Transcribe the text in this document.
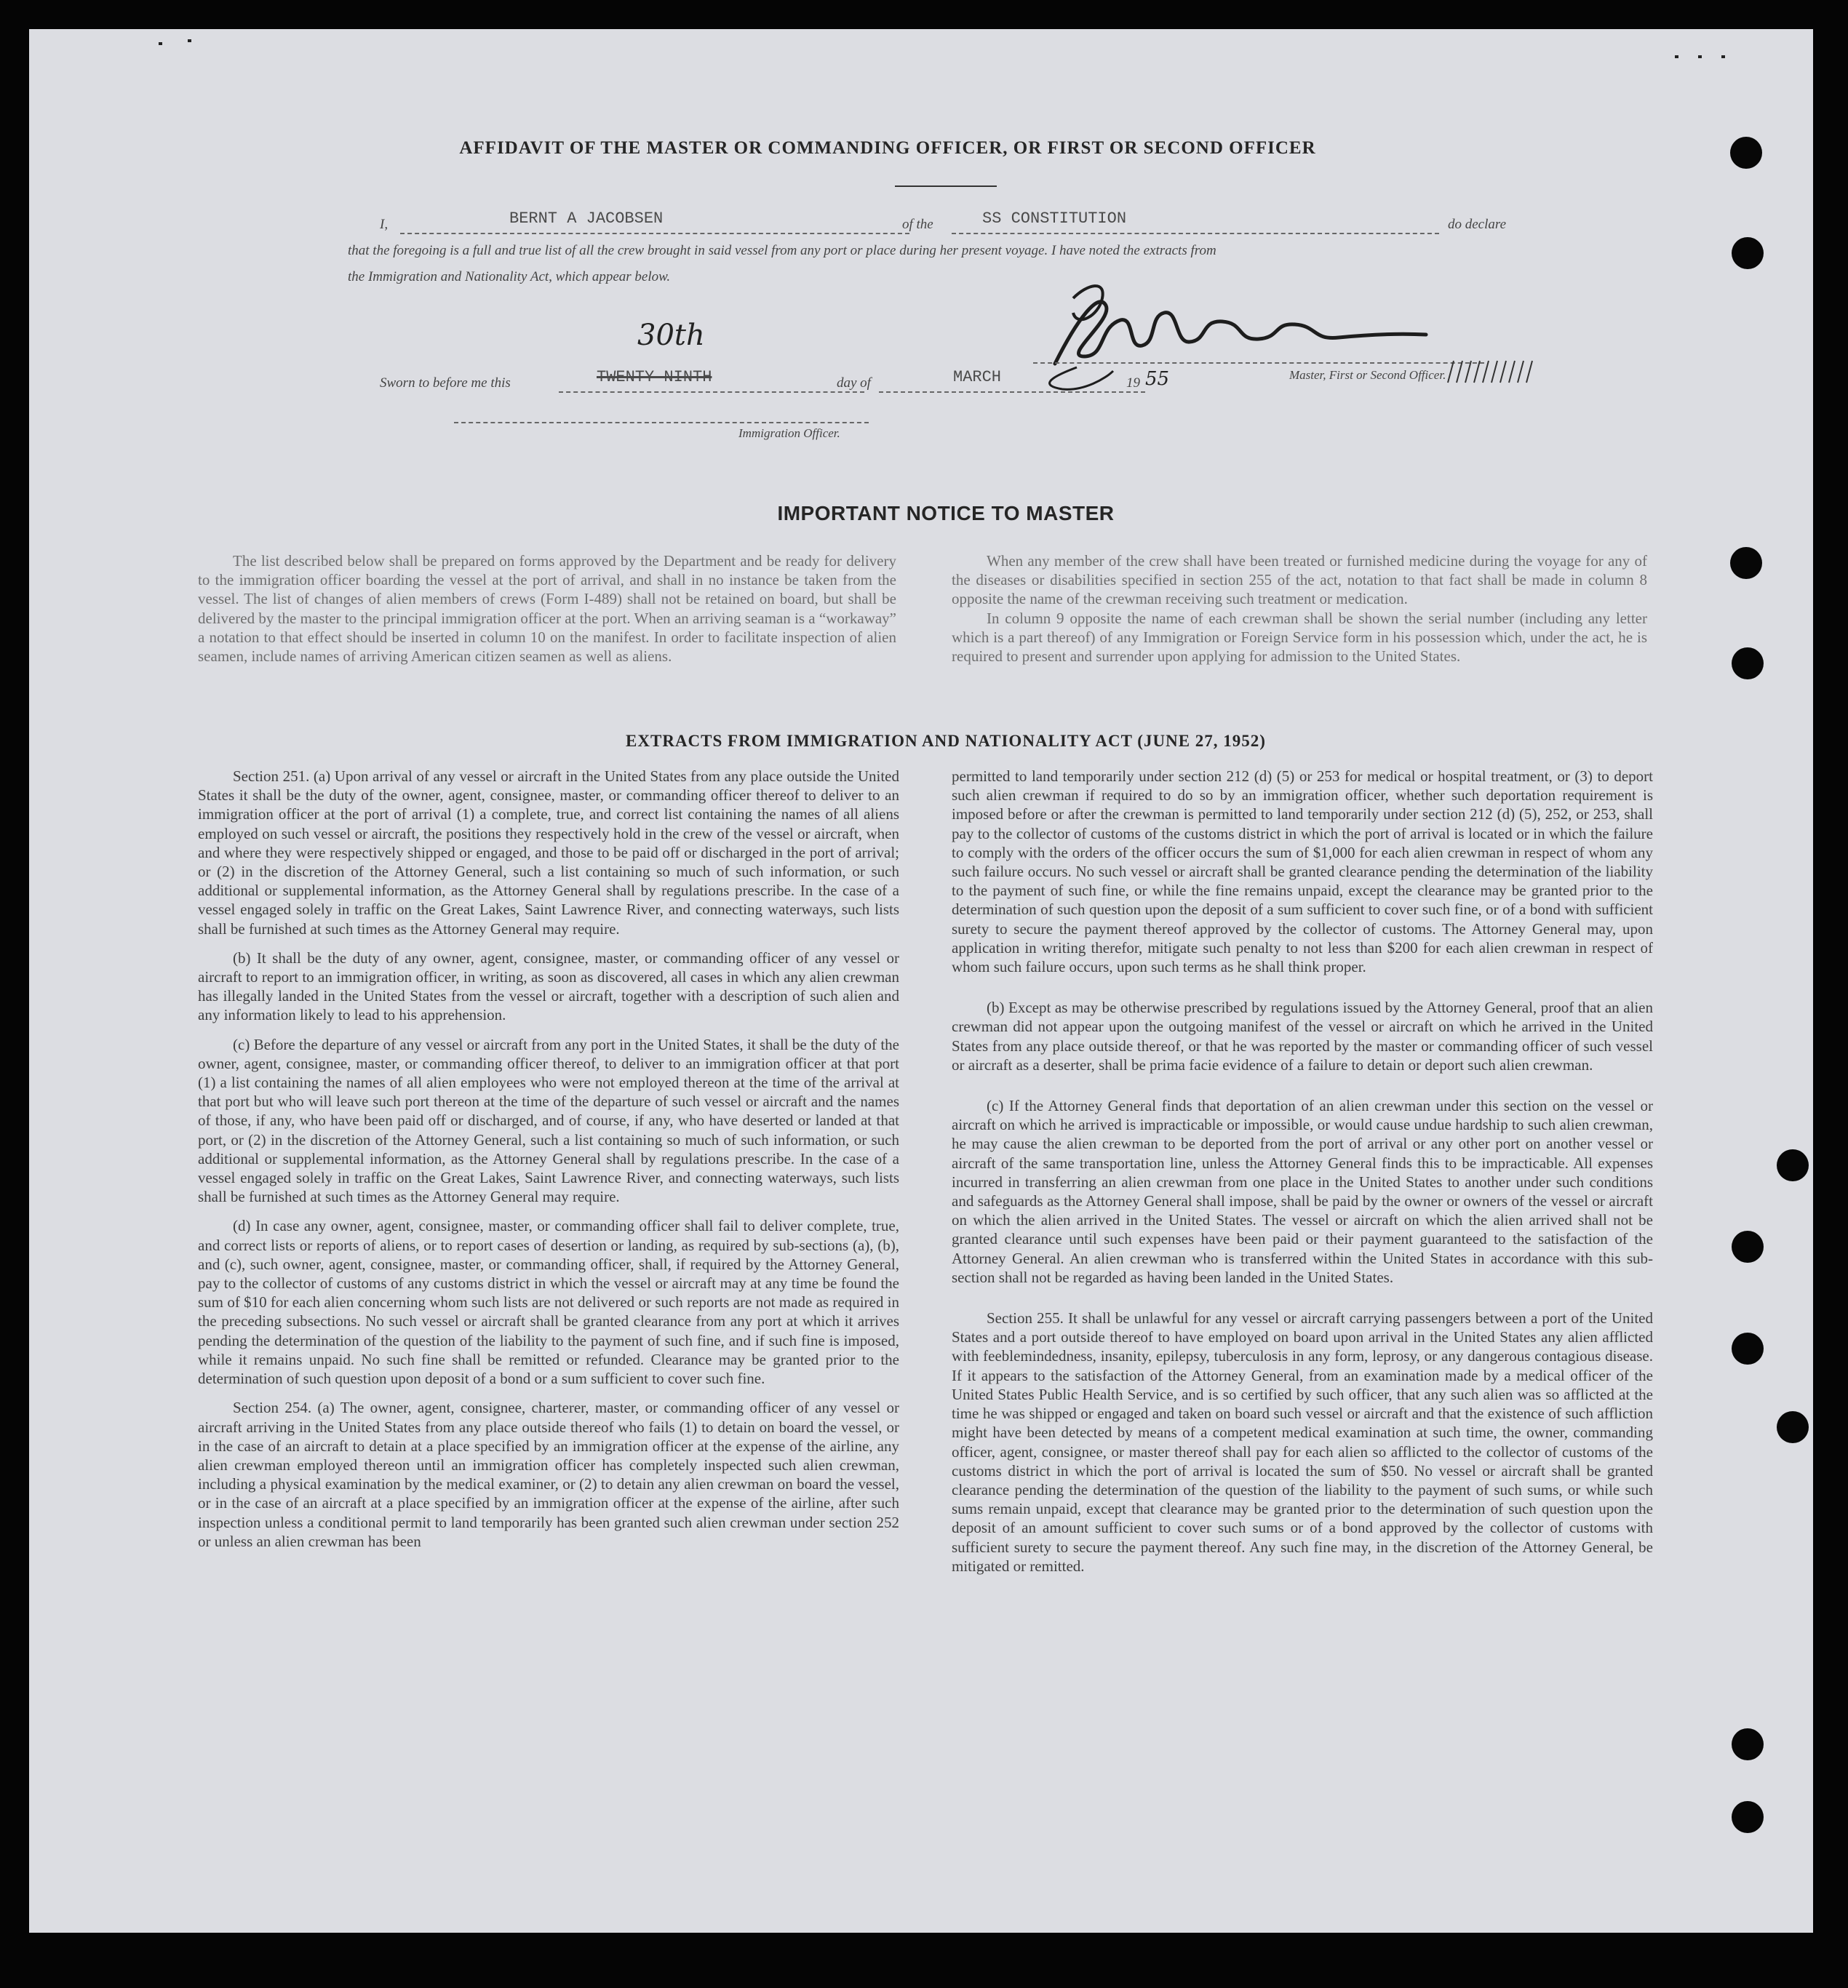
AFFIDAVIT OF THE MASTER OR COMMANDING OFFICER, OR FIRST OR SECOND OFFICER
I,	BERNT A JACOBSEN	of the	SS CONSTITUTION	do declare
that the foregoing is a full and true list of all the crew brought in said vessel from any port or place during her present voyage. I have noted the extracts from
the Immigration and Nationality Act, which appear below.
Master, First or Second Officer.
Sworn to before me this	TWENTY NINTH
30th
day of	MARCH	19 55
Immigration Officer.
IMPORTANT NOTICE TO MASTER

The list described below shall be prepared on forms approved by the Department and be ready for delivery to the immigration officer boarding the vessel at the port of arrival, and shall in no instance be taken from the vessel. The list of changes of alien members of crews (Form I-489) shall not be retained on board, but shall be delivered by the master to the principal immigration officer at the port. When an arriving seaman is a “workaway” a notation to that effect should be inserted in column 10 on the manifest. In order to facilitate inspection of alien seamen, include names of arriving American citizen seamen as well as aliens.

When any member of the crew shall have been treated or furnished medicine during the voyage for any of the diseases or disabilities specified in section 255 of the act, notation to that fact shall be made in column 8 opposite the name of the crewman receiving such treatment or medication.

In column 9 opposite the name of each crewman shall be shown the serial number (including any letter which is a part thereof) of any Immigration or Foreign Service form in his possession which, under the act, he is required to present and surrender upon applying for admission to the United States.

EXTRACTS FROM IMMIGRATION AND NATIONALITY ACT (JUNE 27, 1952)

Section 251. (a) Upon arrival of any vessel or aircraft in the United States from any place outside the United States it shall be the duty of the owner, agent, consignee, master, or commanding officer thereof to deliver to an immigration officer at the port of arrival (1) a complete, true, and correct list containing the names of all aliens employed on such vessel or aircraft, the positions they respectively hold in the crew of the vessel or aircraft, when and where they were respectively shipped or engaged, and those to be paid off or discharged in the port of arrival; or (2) in the discretion of the Attorney General, such a list containing so much of such information, or such additional or supplemental information, as the Attorney General shall by regulations prescribe. In the case of a vessel engaged solely in traffic on the Great Lakes, Saint Lawrence River, and connecting waterways, such lists shall be furnished at such times as the Attorney General may require.

(b) It shall be the duty of any owner, agent, consignee, master, or commanding officer of any vessel or aircraft to report to an immigration officer, in writing, as soon as discovered, all cases in which any alien crewman has illegally landed in the United States from the vessel or aircraft, together with a description of such alien and any information likely to lead to his apprehension.

(c) Before the departure of any vessel or aircraft from any port in the United States, it shall be the duty of the owner, agent, consignee, master, or commanding officer thereof, to deliver to an immigration officer at that port (1) a list containing the names of all alien employees who were not employed thereon at the time of the arrival at that port but who will leave such port thereon at the time of the departure of such vessel or aircraft and the names of those, if any, who have been paid off or discharged, and of course, if any, who have deserted or landed at that port, or (2) in the discretion of the Attorney General, such a list containing so much of such information, or such additional or supplemental information, as the Attorney General shall by regulations prescribe. In the case of a vessel engaged solely in traffic on the Great Lakes, Saint Lawrence River, and connecting waterways, such lists shall be furnished at such times as the Attorney General may require.

(d) In case any owner, agent, consignee, master, or commanding officer shall fail to deliver complete, true, and correct lists or reports of aliens, or to report cases of desertion or landing, as required by sub-sections (a), (b), and (c), such owner, agent, consignee, master, or commanding officer, shall, if required by the Attorney General, pay to the collector of customs of any customs district in which the vessel or aircraft may at any time be found the sum of $10 for each alien concerning whom such lists are not delivered or such reports are not made as required in the preceding subsections. No such vessel or aircraft shall be granted clearance from any port at which it arrives pending the determination of the question of the liability to the payment of such fine, and if such fine is imposed, while it remains unpaid. No such fine shall be remitted or refunded. Clearance may be granted prior to the determination of such question upon deposit of a bond or a sum sufficient to cover such fine.

Section 254. (a) The owner, agent, consignee, charterer, master, or commanding officer of any vessel or aircraft arriving in the United States from any place outside thereof who fails (1) to detain on board the vessel, or in the case of an aircraft to detain at a place specified by an immigration officer at the expense of the airline, any alien crewman employed thereon until an immigration officer has completely inspected such alien crewman, including a physical examination by the medical examiner, or (2) to detain any alien crewman on board the vessel, or in the case of an aircraft at a place specified by an immigration officer at the expense of the airline, after such inspection unless a conditional permit to land temporarily has been granted such alien crewman under section 252 or unless an alien crewman has been

permitted to land temporarily under section 212 (d) (5) or 253 for medical or hospital treatment, or (3) to deport such alien crewman if required to do so by an immigration officer, whether such deportation requirement is imposed before or after the crewman is permitted to land temporarily under section 212 (d) (5), 252, or 253, shall pay to the collector of customs of the customs district in which the port of arrival is located or in which the failure to comply with the orders of the officer occurs the sum of $1,000 for each alien crewman in respect of whom any such failure occurs. No such vessel or aircraft shall be granted clearance pending the determination of the liability to the payment of such fine, or while the fine remains unpaid, except the clearance may be granted prior to the determination of such question upon the deposit of a sum sufficient to cover such fine, or of a bond with sufficient surety to secure the payment thereof approved by the collector of customs. The Attorney General may, upon application in writing therefor, mitigate such penalty to not less than $200 for each alien crewman in respect of whom such failure occurs, upon such terms as he shall think proper.

(b) Except as may be otherwise prescribed by regulations issued by the Attorney General, proof that an alien crewman did not appear upon the outgoing manifest of the vessel or aircraft on which he arrived in the United States from any place outside thereof, or that he was reported by the master or commanding officer of such vessel or aircraft as a deserter, shall be prima facie evidence of a failure to detain or deport such alien crewman.

(c) If the Attorney General finds that deportation of an alien crewman under this section on the vessel or aircraft on which he arrived is impracticable or impossible, or would cause undue hardship to such alien crewman, he may cause the alien crewman to be deported from the port of arrival or any other port on another vessel or aircraft of the same transportation line, unless the Attorney General finds this to be impracticable. All expenses incurred in transferring an alien crewman from one place in the United States to another under such conditions and safeguards as the Attorney General shall impose, shall be paid by the owner or owners of the vessel or aircraft on which the alien arrived in the United States. The vessel or aircraft on which the alien arrived shall not be granted clearance until such expenses have been paid or their payment guaranteed to the satisfaction of the Attorney General. An alien crewman who is transferred within the United States in accordance with this sub-section shall not be regarded as having been landed in the United States.

Section 255. It shall be unlawful for any vessel or aircraft carrying passengers between a port of the United States and a port outside thereof to have employed on board upon arrival in the United States any alien afflicted with feeblemindedness, insanity, epilepsy, tuberculosis in any form, leprosy, or any dangerous contagious disease. If it appears to the satisfaction of the Attorney General, from an examination made by a medical officer of the United States Public Health Service, and is so certified by such officer, that any such alien was so afflicted at the time he was shipped or engaged and taken on board such vessel or aircraft and that the existence of such affliction might have been detected by means of a competent medical examination at such time, the owner, commanding officer, agent, consignee, or master thereof shall pay for each alien so afflicted to the collector of customs of the customs district in which the port of arrival is located the sum of $50. No vessel or aircraft shall be granted clearance pending the determination of the question of the liability to the payment of such sums, or while such sums remain unpaid, except that clearance may be granted prior to the determination of such question upon the deposit of an amount sufficient to cover such sums or of a bond approved by the collector of customs with sufficient surety to secure the payment thereof. Any such fine may, in the discretion of the Attorney General, be mitigated or remitted.
